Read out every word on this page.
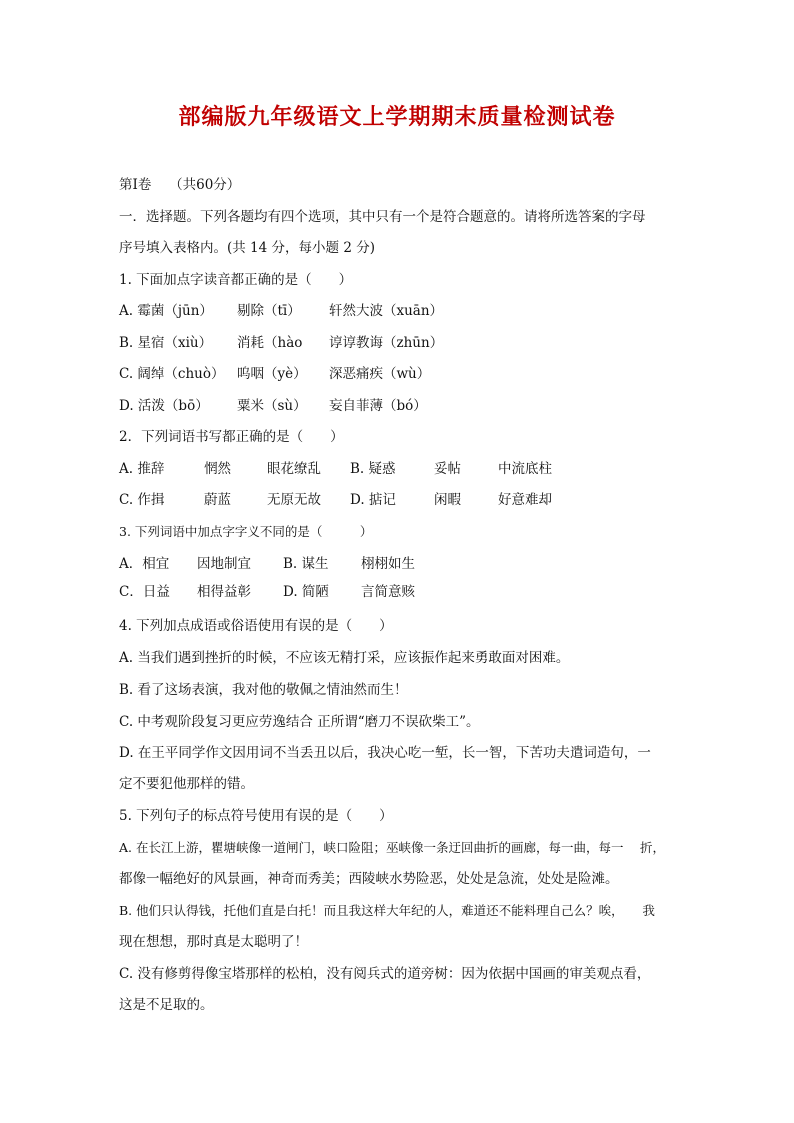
部编版九年级语文上学期期末质量检测试卷
第Ⅰ卷　 （共60分）
一．选择题。下列各题均有四个选项，其中只有一个是符合题意的。请将所选答案的字母
序号填入表格内。(共 14 分，每小题 2 分)
1. 下面加点字读音都正确的是（　　）
A. 霉菌（jūn） 剔除（tī） 轩然大波（xuān）
B. 星宿（xiù） 消耗（hào 谆谆教诲（zhūn）
C. 阔绰（chuò） 呜咽（yè） 深恶痛疾（wù）
D. 活泼（bō） 粟米（sù） 妄自菲薄（bó）
2．下列词语书写都正确的是（　　）
A. 推辞	惘然	眼花缭乱 B. 疑惑	妥帖	中流底柱
C. 作揖	蔚蓝	无原无故 D. 掂记	闲暇	好意难却
3. 下列词语中加点字字义不同的是（　　　）
A．相宜 因地制宜 B. 谋生 栩栩如生
C．日益 相得益彰 D. 简陋 言简意赅
4. 下列加点成语或俗语使用有误的是（　　）
A. 当我们遇到挫折的时候，不应该无精打采，应该振作起来勇敢面对困难。
B. 看了这场表演，我对他的敬佩之情油然而生！
C. 中考观阶段复习更应劳逸结合 正所谓“磨刀不误砍柴工”。
D. 在王平同学作文因用词不当丢丑以后，我决心吃一堑，长一智，下苦功夫遣词造句，一
定不要犯他那样的错。
5. 下列句子的标点符号使用有误的是（　　）
A. 在长江上游，瞿塘峡像一道闸门，峡口险阻；巫峡像一条迂回曲折的画廊，每一曲，每一　 折，
都像一幅绝好的风景画，神奇而秀美；西陵峡水势险恶，处处是急流，处处是险滩。
B. 他们只认得钱，托他们直是白托！而且我这样大年纪的人，难道还不能料理自己么？唉，　　我
现在想想，那时真是太聪明了！
C. 没有修剪得像宝塔那样的松柏，没有阅兵式的道旁树：因为依据中国画的审美观点看，
这是不足取的。
